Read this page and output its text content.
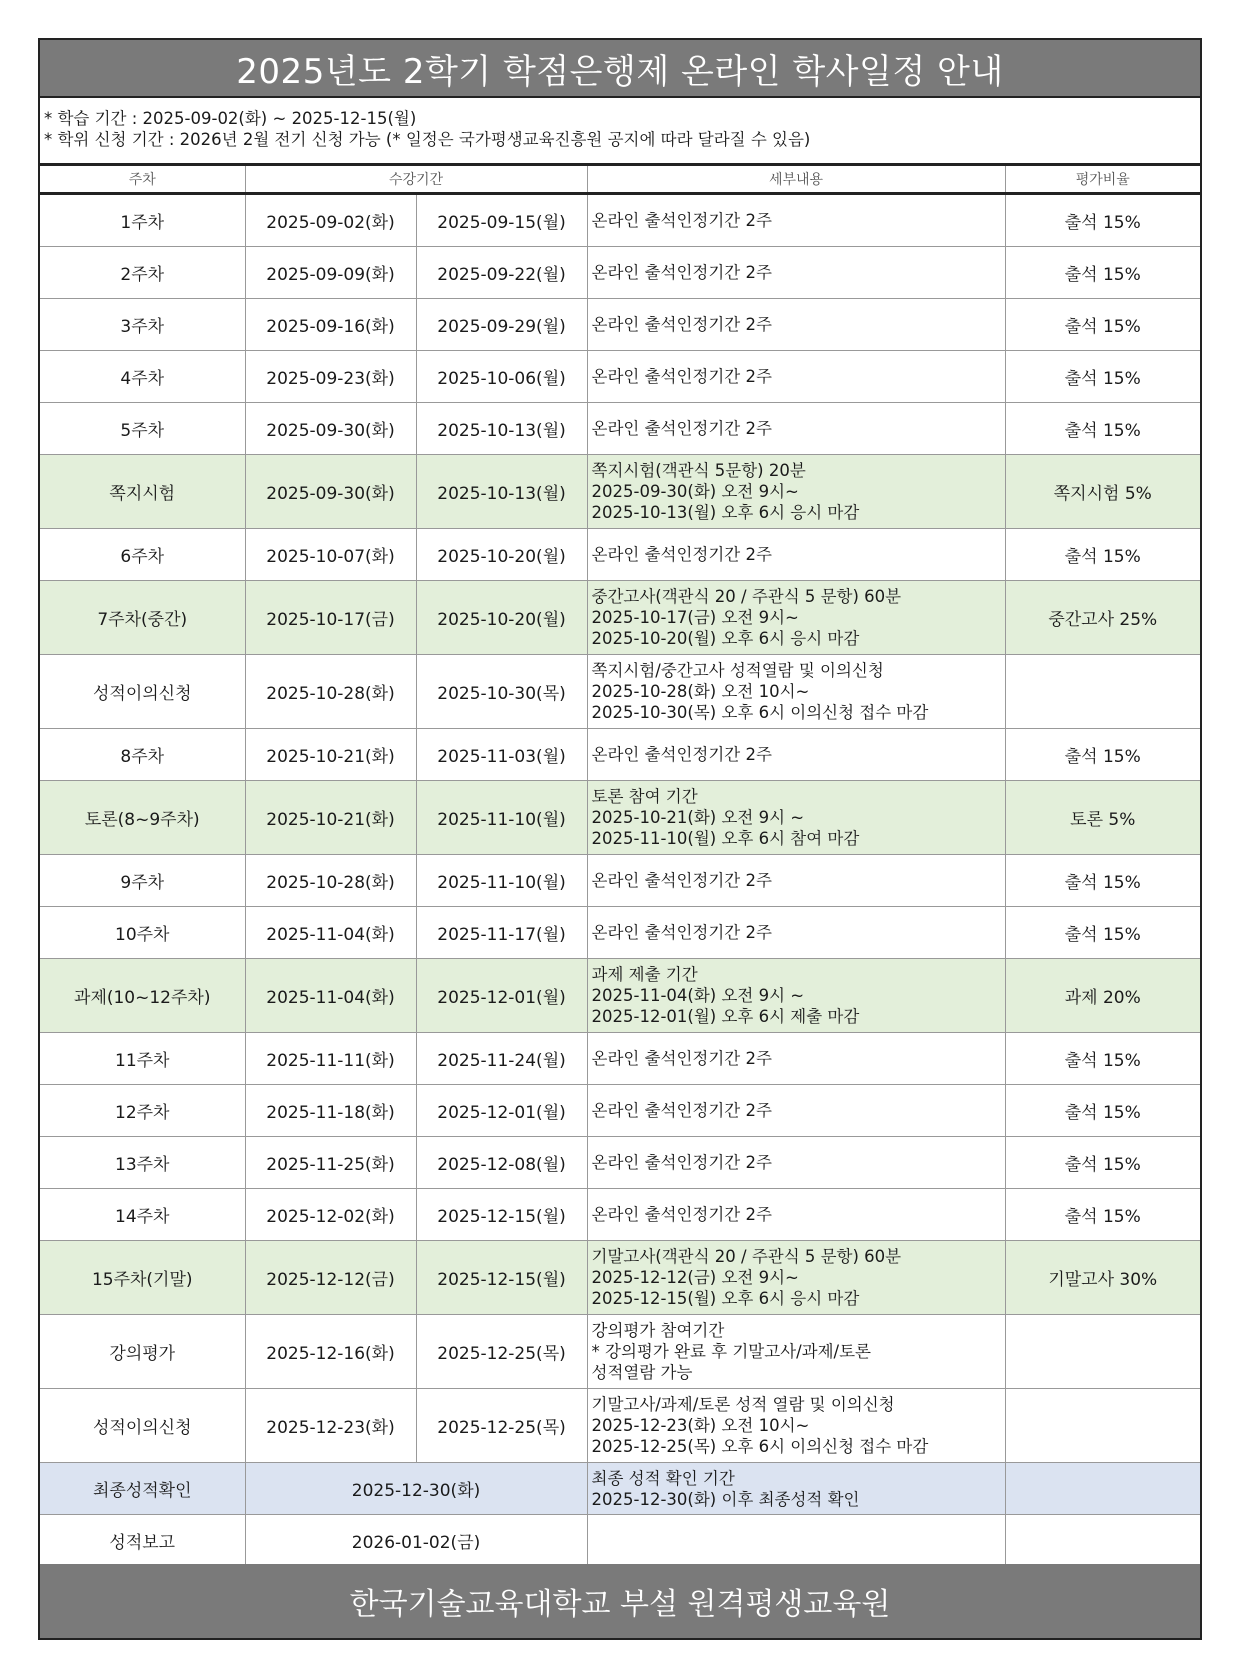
2025년도 2학기 학점은행제 온라인 학사일정 안내
* 학습 기간 : 2025-09-02(화) ~ 2025-12-15(월)
* 학위 신청 기간 : 2026년 2월 전기 신청 가능 (* 일정은 국가평생교육진흥원 공지에 따라 달라질 수 있음)
주차	수강기간		세부내용	평가비율
1주차	2025-09-02(화)	2025-09-15(월)	온라인 출석인정기간 2주	출석 15%
2주차	2025-09-09(화)	2025-09-22(월)	온라인 출석인정기간 2주	출석 15%
3주차	2025-09-16(화)	2025-09-29(월)	온라인 출석인정기간 2주	출석 15%
4주차	2025-09-23(화)	2025-10-06(월)	온라인 출석인정기간 2주	출석 15%
5주차	2025-09-30(화)	2025-10-13(월)	온라인 출석인정기간 2주	출석 15%
쪽지시험	2025-09-30(화)	2025-10-13(월)	쪽지시험(객관식 5문항) 20분
2025-09-30(화) 오전 9시~
2025-10-13(월) 오후 6시 응시 마감	쪽지시험 5%
6주차	2025-10-07(화)	2025-10-20(월)	온라인 출석인정기간 2주	출석 15%
7주차(중간)	2025-10-17(금)	2025-10-20(월)	중간고사(객관식 20 / 주관식 5 문항) 60분
2025-10-17(금) 오전 9시~
2025-10-20(월) 오후 6시 응시 마감	중간고사 25%
성적이의신청	2025-10-28(화)	2025-10-30(목)	쪽지시험/중간고사 성적열람 및 이의신청
2025-10-28(화) 오전 10시~
2025-10-30(목) 오후 6시 이의신청 접수 마감	

8주차	2025-10-21(화)	2025-11-03(월)	온라인 출석인정기간 2주	출석 15%
토론(8~9주차)	2025-10-21(화)	2025-11-10(월)	토론 참여 기간
2025-10-21(화) 오전 9시 ~
2025-11-10(월) 오후 6시 참여 마감	토론 5%
9주차	2025-10-28(화)	2025-11-10(월)	온라인 출석인정기간 2주	출석 15%
10주차	2025-11-04(화)	2025-11-17(월)	온라인 출석인정기간 2주	출석 15%
과제(10~12주차)	2025-11-04(화)	2025-12-01(월)	과제 제출 기간
2025-11-04(화) 오전 9시 ~
2025-12-01(월) 오후 6시 제출 마감	과제 20%
11주차	2025-11-11(화)	2025-11-24(월)	온라인 출석인정기간 2주	출석 15%
12주차	2025-11-18(화)	2025-12-01(월)	온라인 출석인정기간 2주	출석 15%
13주차	2025-11-25(화)	2025-12-08(월)	온라인 출석인정기간 2주	출석 15%
14주차	2025-12-02(화)	2025-12-15(월)	온라인 출석인정기간 2주	출석 15%
15주차(기말)	2025-12-12(금)	2025-12-15(월)	기말고사(객관식 20 / 주관식 5 문항) 60분
2025-12-12(금) 오전 9시~
2025-12-15(월) 오후 6시 응시 마감	기말고사 30%
강의평가	2025-12-16(화)	2025-12-25(목)	강의평가 참여기간
* 강의평가 완료 후 기말고사/과제/토론
성적열람 가능	

성적이의신청	2025-12-23(화)	2025-12-25(목)	기말고사/과제/토론 성적 열람 및 이의신청
2025-12-23(화) 오전 10시~
2025-12-25(목) 오후 6시 이의신청 접수 마감	

최종성적확인	2025-12-30(화)		최종 성적 확인 기간
2025-12-30(화) 이후 최종성적 확인	

성적보고	2026-01-02(금)			
한국기술교육대학교 부설 원격평생교육원
